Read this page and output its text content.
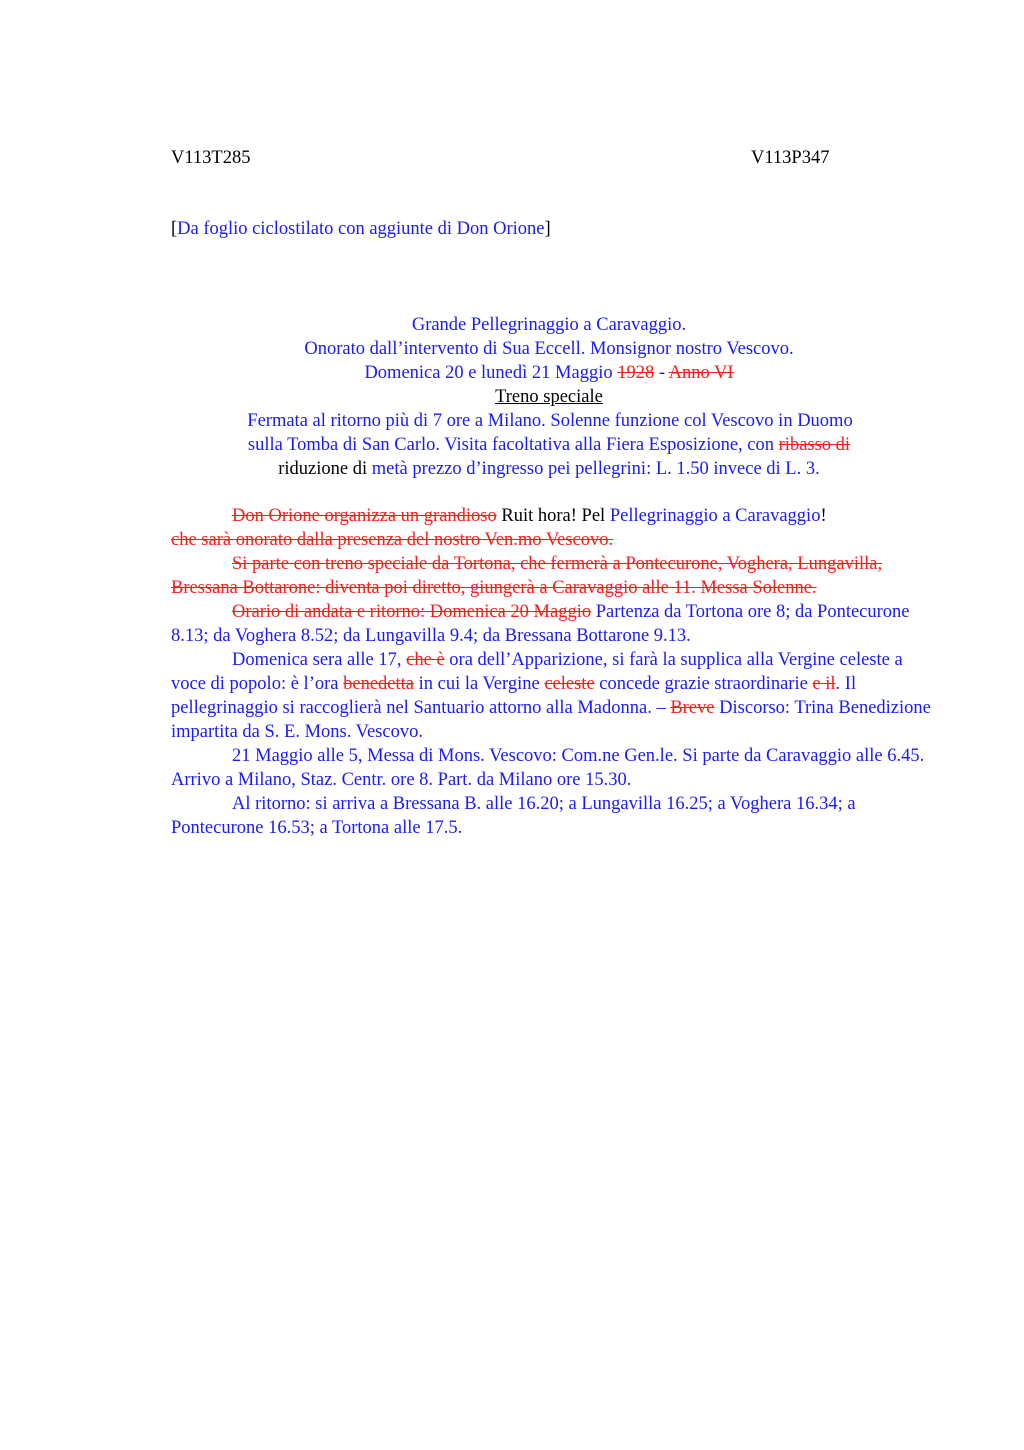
V113T285	V113P347
[Da foglio ciclostilato con aggiunte di Don Orione]
Grande Pellegrinaggio a Caravaggio.
Onorato dall’intervento di Sua Eccell. Monsignor nostro Vescovo.
Domenica 20 e lunedì 21 Maggio 1928 - Anno VI
Treno speciale
Fermata al ritorno più di 7 ore a Milano. Solenne funzione col Vescovo in Duomo
sulla Tomba di San Carlo. Visita facoltativa alla Fiera Esposizione, con ribasso di
riduzione di metà prezzo d’ingresso pei pellegrini: L. 1.50 invece di L. 3.

Don Orione organizza un grandioso Ruit hora! Pel Pellegrinaggio a Caravaggio!
che sarà onorato dalla presenza del nostro Ven.mo Vescovo.

Si parte con treno speciale da Tortona, che fermerà a Pontecurone, Voghera, Lungavilla, Bressana Bottarone: diventa poi diretto, giungerà a Caravaggio alle 11. Messa Solenne.

Orario di andata e ritorno: Domenica 20 Maggio Partenza da Tortona ore 8; da Pontecurone 8.13; da Voghera 8.52; da Lungavilla 9.4; da Bressana Bottarone 9.13.

Domenica sera alle 17, che è ora dell’Apparizione, si farà la supplica alla Vergine celeste a voce di popolo: è l’ora benedetta in cui la Vergine celeste concede grazie straordinarie e il. Il pellegrinaggio si raccoglierà nel Santuario attorno alla Madonna. – Breve Discorso: Trina Benedizione impartita da S. E. Mons. Vescovo.

21 Maggio alle 5, Messa di Mons. Vescovo: Com.ne Gen.le. Si parte da Caravaggio alle 6.45. Arrivo a Milano, Staz. Centr. ore 8. Part. da Milano ore 15.30.

Al ritorno: si arriva a Bressana B. alle 16.20; a Lungavilla 16.25; a Voghera 16.34; a Pontecurone 16.53; a Tortona alle 17.5.
